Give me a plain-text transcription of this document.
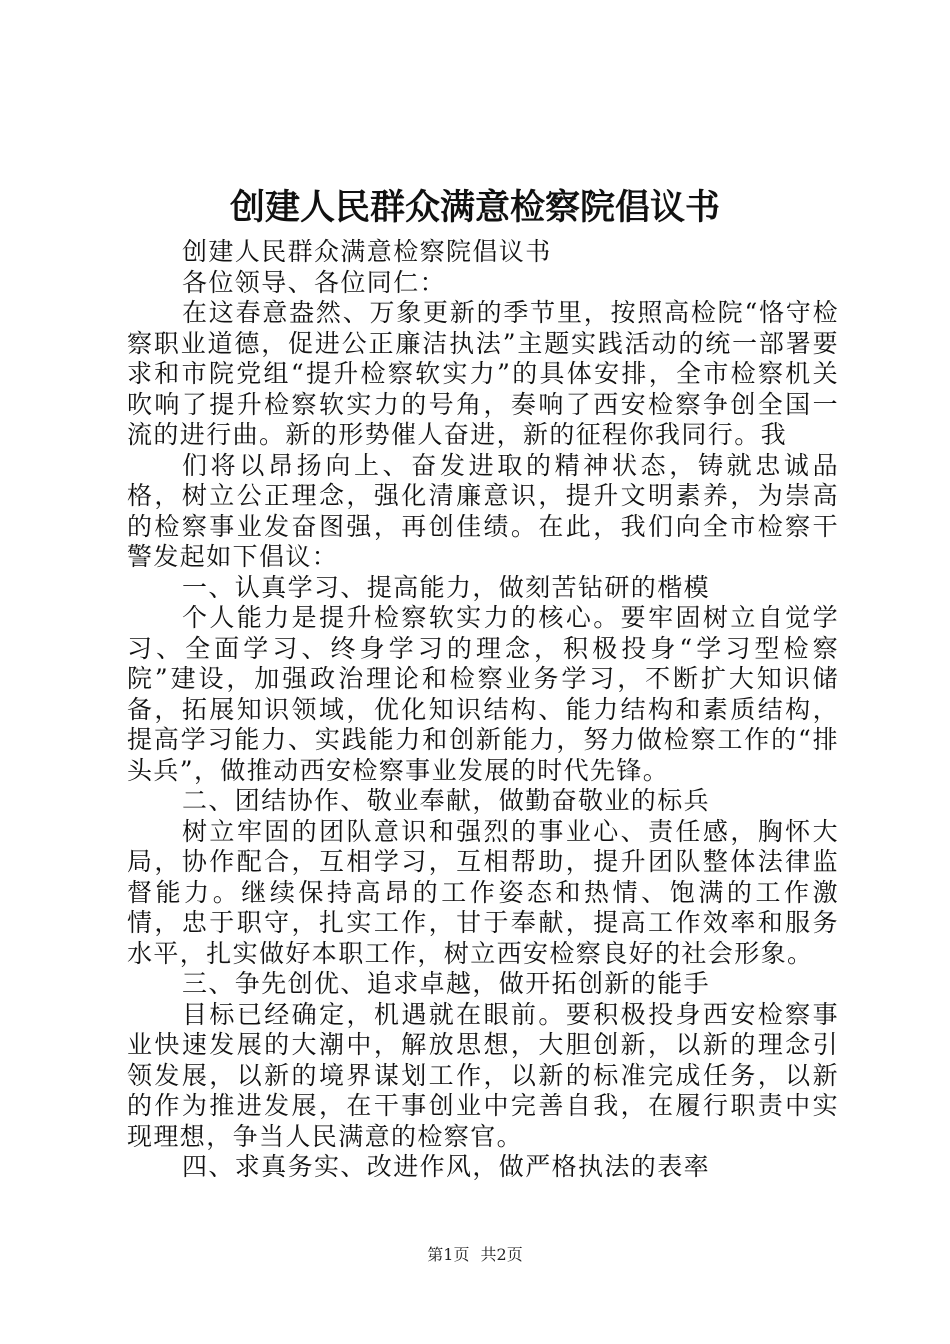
创建人民群众满意检察院倡议书

创建人民群众满意检察院倡议书

各位领导、各位同仁：

在这春意盎然、万象更新的季节里，按照高检院“恪守检察职业道德，促进公正廉洁执法”主题实践活动的统一部署要求和市院党组“提升检察软实力”的具体安排，全市检察机关吹响了提升检察软实力的号角，奏响了西安检察争创全国一流的进行曲。新的形势催人奋进，新的征程你我同行。我

们将以昂扬向上、奋发进取的精神状态，铸就忠诚品格，树立公正理念，强化清廉意识，提升文明素养，为崇高的检察事业发奋图强，再创佳绩。在此，我们向全市检察干警发起如下倡议：

一、认真学习、提高能力，做刻苦钻研的楷模

个人能力是提升检察软实力的核心。要牢固树立自觉学习、全面学习、终身学习的理念，积极投身“学习型检察院”建设，加强政治理论和检察业务学习，不断扩大知识储备，拓展知识领域，优化知识结构、能力结构和素质结构，提高学习能力、实践能力和创新能力，努力做检察工作的“排头兵”，做推动西安检察事业发展的时代先锋。

二、团结协作、敬业奉献，做勤奋敬业的标兵

树立牢固的团队意识和强烈的事业心、责任感，胸怀大局，协作配合，互相学习，互相帮助，提升团队整体法律监督能力。继续保持高昂的工作姿态和热情、饱满的工作激情，忠于职守，扎实工作，甘于奉献，提高工作效率和服务水平，扎实做好本职工作，树立西安检察良好的社会形象。

三、争先创优、追求卓越，做开拓创新的能手

目标已经确定，机遇就在眼前。要积极投身西安检察事业快速发展的大潮中，解放思想，大胆创新，以新的理念引领发展，以新的境界谋划工作，以新的标准完成任务，以新的作为推进发展，在干事创业中完善自我，在履行职责中实现理想，争当人民满意的检察官。

四、求真务实、改进作风，做严格执法的表率

第1页 共2页
